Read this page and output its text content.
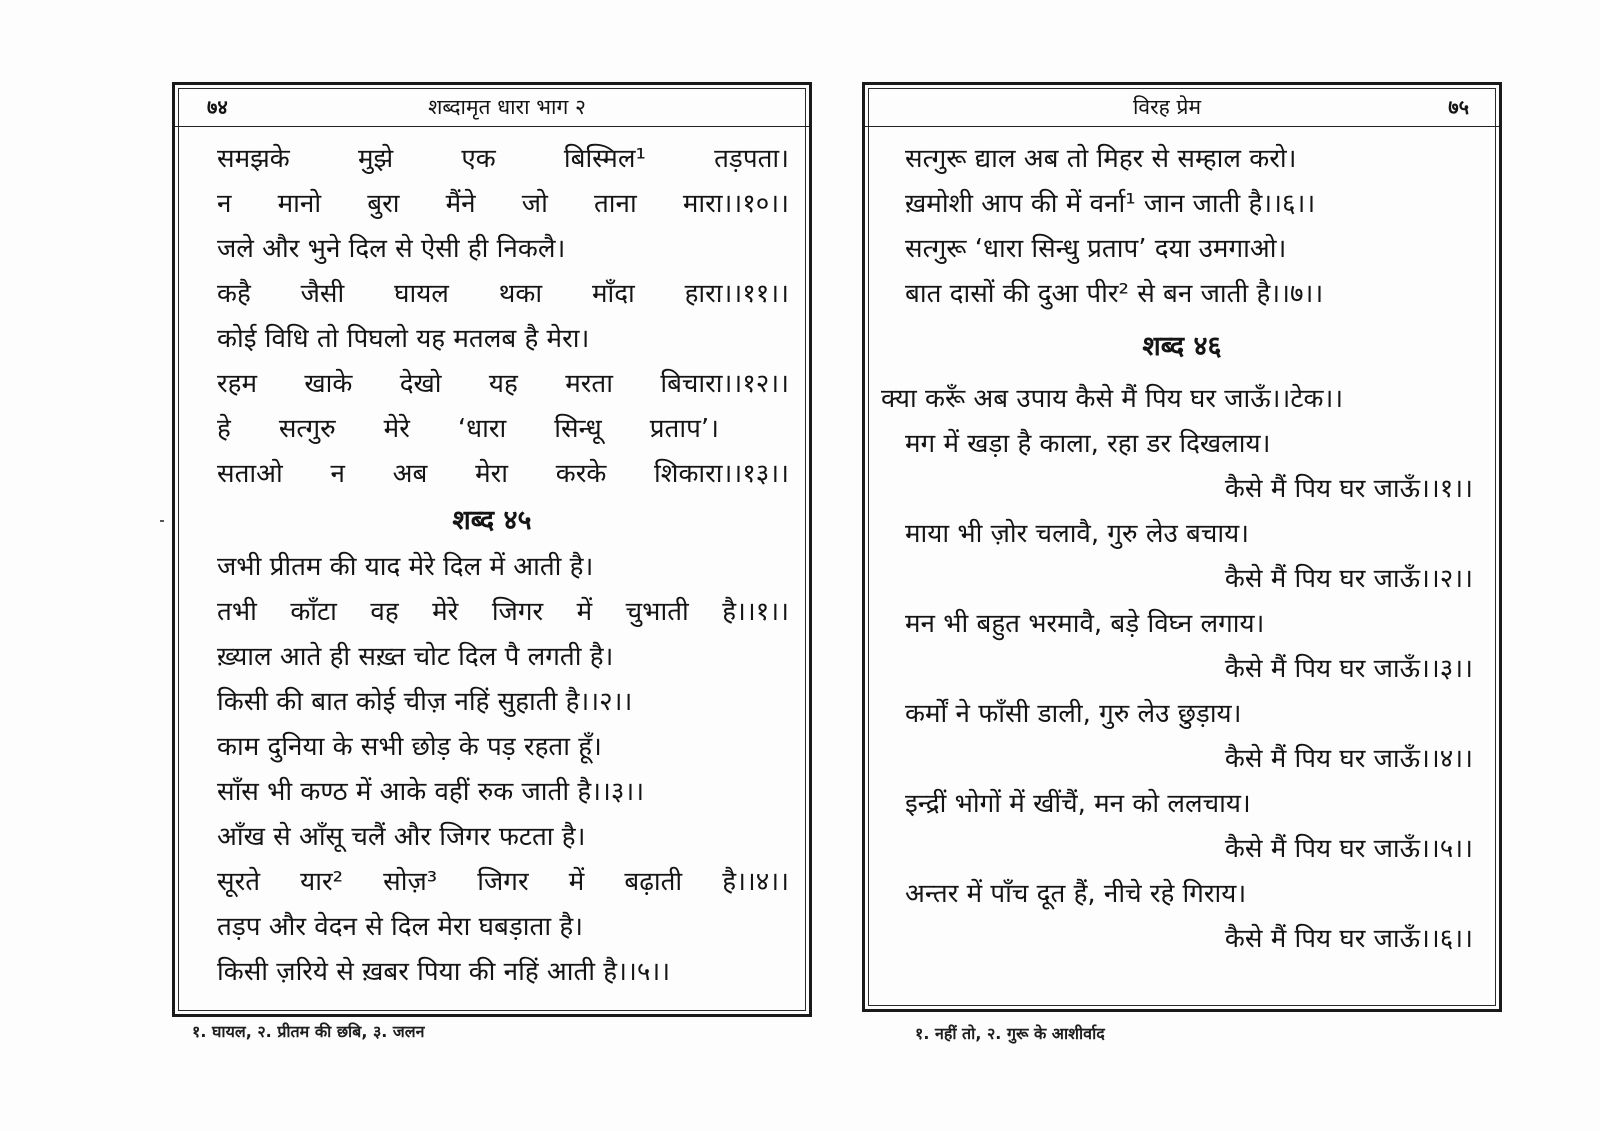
७४	शब्दामृत धारा भाग २
समझके मुझे एक बिस्मिल¹ तड़पता।
न मानो बुरा मैंने जो ताना मारा।।१०।।
जले और भुने दिल से ऐसी ही निकलै।
कहै जैसी घायल थका माँदा हारा।।११।।
कोई विधि तो पिघलो यह मतलब है मेरा।
रहम खाके देखो यह मरता बिचारा।।१२।।
हे सत्गुरु मेरे ‘धारा सिन्धू प्रताप’।
सताओ न अब मेरा करके शिकारा।।१३।।
शब्द ४५
जभी प्रीतम की याद मेरे दिल में आती है।
तभी काँटा वह मेरे जिगर में चुभाती है।।१।।
ख़्याल आते ही सख़्त चोट दिल पै लगती है।
किसी की बात कोई चीज़ नहिं सुहाती है।।२।।
काम दुनिया के सभी छोड़ के पड़ रहता हूँ।
साँस भी कण्ठ में आके वहीं रुक जाती है।।३।।
आँख से आँसू चलैं और जिगर फटता है।
सूरते यार² सोज़³ जिगर में बढ़ाती है।।४।।
तड़प और वेदन से दिल मेरा घबड़ाता है।
किसी ज़रिये से ख़बर पिया की नहिं आती है।।५।।
१. घायल, २. प्रीतम की छबि, ३. जलन
विरह प्रेम	७५
सत्गुरू द्याल अब तो मिहर से सम्हाल करो।
ख़मोशी आप की में वर्ना¹ जान जाती है।।६।।
सत्गुरू ‘धारा सिन्धु प्रताप’ दया उमगाओ।
बात दासों की दुआ पीर² से बन जाती है।।७।।
शब्द ४६
क्या करूँ अब उपाय कैसे मैं पिय घर जाऊँ।।टेक।।
मग में खड़ा है काला, रहा डर दिखलाय।
कैसे मैं पिय घर जाऊँ।।१।।
माया भी ज़ोर चलावै, गुरु लेउ बचाय।
कैसे मैं पिय घर जाऊँ।।२।।
मन भी बहुत भरमावै, बड़े विघ्न लगाय।
कैसे मैं पिय घर जाऊँ।।३।।
कर्मों ने फाँसी डाली, गुरु लेउ छुड़ाय।
कैसे मैं पिय घर जाऊँ।।४।।
इन्द्रीं भोगों में खींचैं, मन को ललचाय।
कैसे मैं पिय घर जाऊँ।।५।।
अन्तर में पाँच दूत हैं, नीचे रहे गिराय।
कैसे मैं पिय घर जाऊँ।।६।।
१. नहीं तो, २. गुरू के आशीर्वाद
